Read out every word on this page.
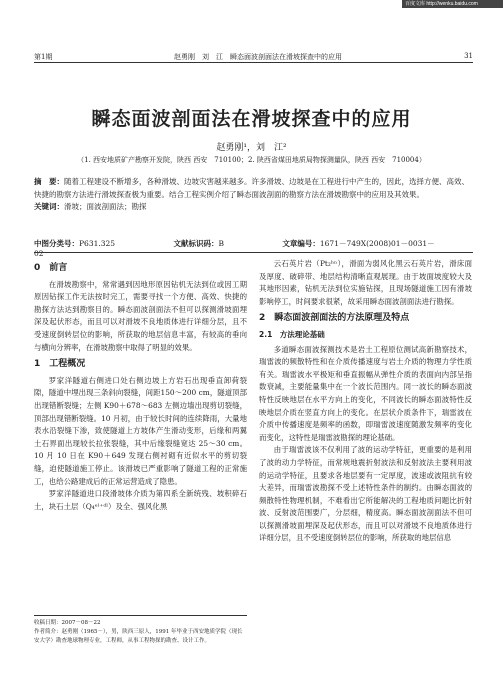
百度文库 http://wenku.baidu.com
第1期	赵勇刚　刘　江　瞬态面波剖面法在滑坡探查中的应用	31
瞬态面波剖面法在滑坡探查中的应用
赵勇刚¹，刘　江²
（1. 西安地质矿产勘察开发院，陕西 西安　710100；2. 陕西省煤田地质局物探测量队，陕西 西安　710004）
摘　要：随着工程建设不断增多，各种滑坡、边坡灾害越来越多。许多滑坡、边坡是在工程进行中产生的，因此，选择方便、高效、快捷的勘察方法进行滑坡探查极为重要。结合工程实例介绍了瞬态面波剖面的勘察方法在滑坡勘察中的应用及其效果。
关键词：滑坡；面波剖面法；勘探
中图分类号：P631.325	文献标识码：B	文章编号：1671－749X(2008)01－0031－02
0　前言

在滑坡勘察中，常常遇到因地形原因钻机无法到位或因工期原因钻探工作无法按时完工，需要寻找一个方便、高效、快捷的勘探方法达到勘察目的。瞬态面波剖面法不但可以探测滑坡面埋深及起伏形态，而且可以对滑坡不良地质体进行详细分层，且不受速度倒转层位的影响，所获取的地层信息丰富，有较高的垂向与横向分辨率，在滑坡勘察中取得了明显的效果。

1　工程概况

罗家洋隧道右侧进口处右侧边坡上方岩石出现垂直卸荷裂隙，隧道中埋出现三条斜向裂缝，间距150～200 cm，隧道顶部出现错断裂缝；左侧 K90＋678～683 左侧边墙出现剪切裂缝，顶部出现错断裂缝。10 月初，由于较长时间的连续降雨，大量地表水沿裂缝下渗，致使隧道上方坡体产生滑动变形，后缘和两翼土石界面出现较长拉张裂缝，其中后缘裂缝宽达 25～30 cm。10 月 10 日在 K90＋649 发现右侧衬砌有近似水平的剪切裂缝，迫使隧道施工停止。该滑坡已严重影响了隧道工程的正常施工，也给公路建成后的正常运营造成了隐患。

罗家洋隧道进口段滑坡体介质为第四系全新统残、坡积碎石土，块石土层（Q₄ᵉˡ⁺ᵈˡ）及全、强风化黑

收稿日期：2007－08－22
作者简介：赵勇刚（1965－），男，陕西三原人，1991 年毕业于西安地质学院（现长安大学）勘查地球物理专业，工程师，从事工程物探的勘查、设计工作。

云石英片岩（Pt₂ʰⁿ），滑面为弱风化黑云石英片岩，滑床面及厚度、破碎带、地层结构清晰直观展现。由于坡面坡度较大及其地形因素，钻机无法到位实施钻探，且现场隧道施工因有滑坡影响停工，时间要求很紧，故采用瞬态面波剖面法进行勘探。

2　瞬态面波剖面法的方法原理及特点
2.1　方法理论基础

多道瞬态面波探测技术是岩土工程原位测试高新勘察技术，瑞雷波的频散特性和在介质传播速度与岩土介质的物理力学性质有关。瑞雷波水平极矩和垂直振幅从弹性介质的表面向内部呈指数衰减，主要能量集中在一个波长范围内。同一波长的瞬态面波特性反映地层在水平方向上的变化，不同波长的瞬态面波特性反映地层介质在竖直方向上的变化。在层状介质条件下，瑞雷波在介质中传播速度是频率的函数，即瑞雷波速度随激发频率的变化而变化，这特性是瑞雷波勘探的理论基础。

由于瑞雷波该不仅利用了波的运动学特征，更重要的是利用了波的动力学特征，而常规地震折射波法和反射波法主要利用波的运动学特征，且要求各地层要有一定厚度，波速或波阻抗有较大差异，而瑞雷波勘探不受上述特性条件的制约。由瞬态面波的频散特性物理机制，不难看出它所能解决的工程地质问题比折射波、反射波范围要广，分层细，精度高。瞬态面波剖面法不但可以探测滑坡面埋深及起伏形态，而且可以对滑坡不良地质体进行详细分层，且不受速度倒转层位的影响，所获取的地层信息
